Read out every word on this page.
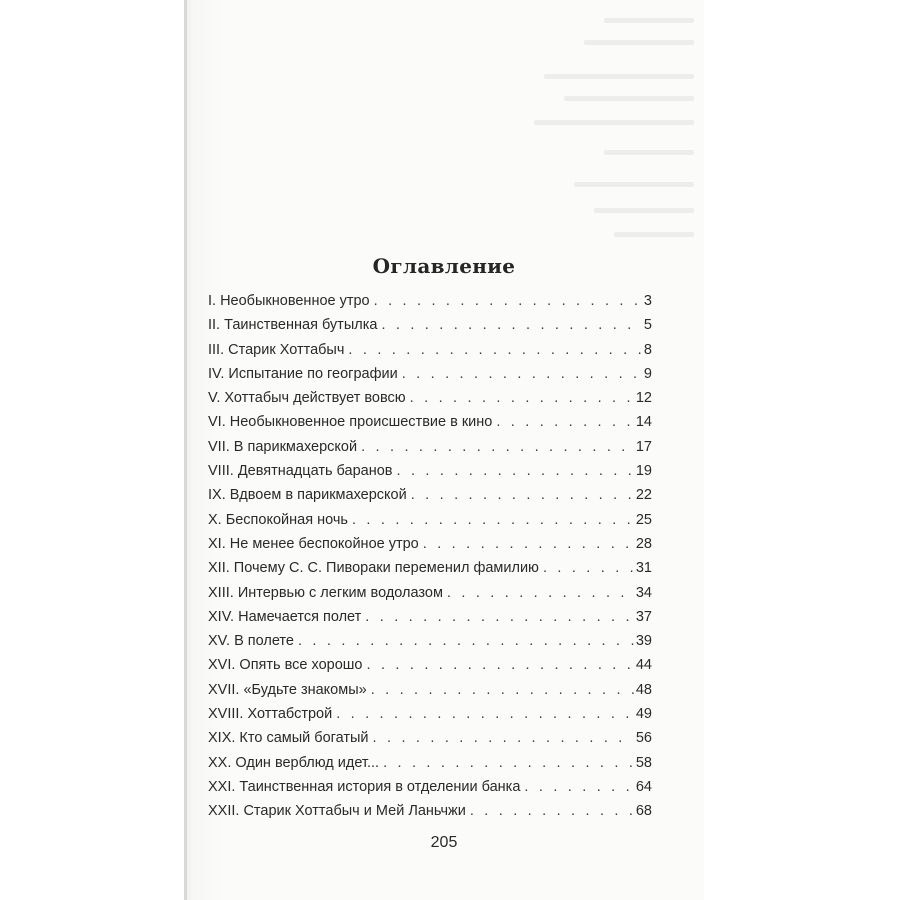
Оглавление
I. Необыкновенное утро . . .	3
II. Таинственная бутылка . . .	5
III. Старик Хоттабыч . . .	8
IV. Испытание по географии . . .	9
V. Хоттабыч действует вовсю . . .	12
VI. Необыкновенное происшествие в кино . . .	14
VII. В парикмахерской . . .	17
VIII. Девятнадцать баранов . . .	19
IX. Вдвоем в парикмахерской . . .	22
X. Беспокойная ночь . . .	25
XI. Не менее беспокойное утро . . .	28
XII. Почему С. С. Пивораки переменил фамилию . . .	31
XIII. Интервью с легким водолазом . . .	34
XIV. Намечается полет . . .	37
XV. В полете . . .	39
XVI. Опять все хорошо . . .	44
XVII. «Будьте знакомы» . . .	48
XVIII. Хоттабстрой . . .	49
XIX. Кто самый богатый . . .	56
XX. Один верблюд идет... . . .	58
XXI. Таинственная история в отделении банка . . .	64
XXII. Старик Хоттабыч и Мей Ланьчжи . . .	68
205
